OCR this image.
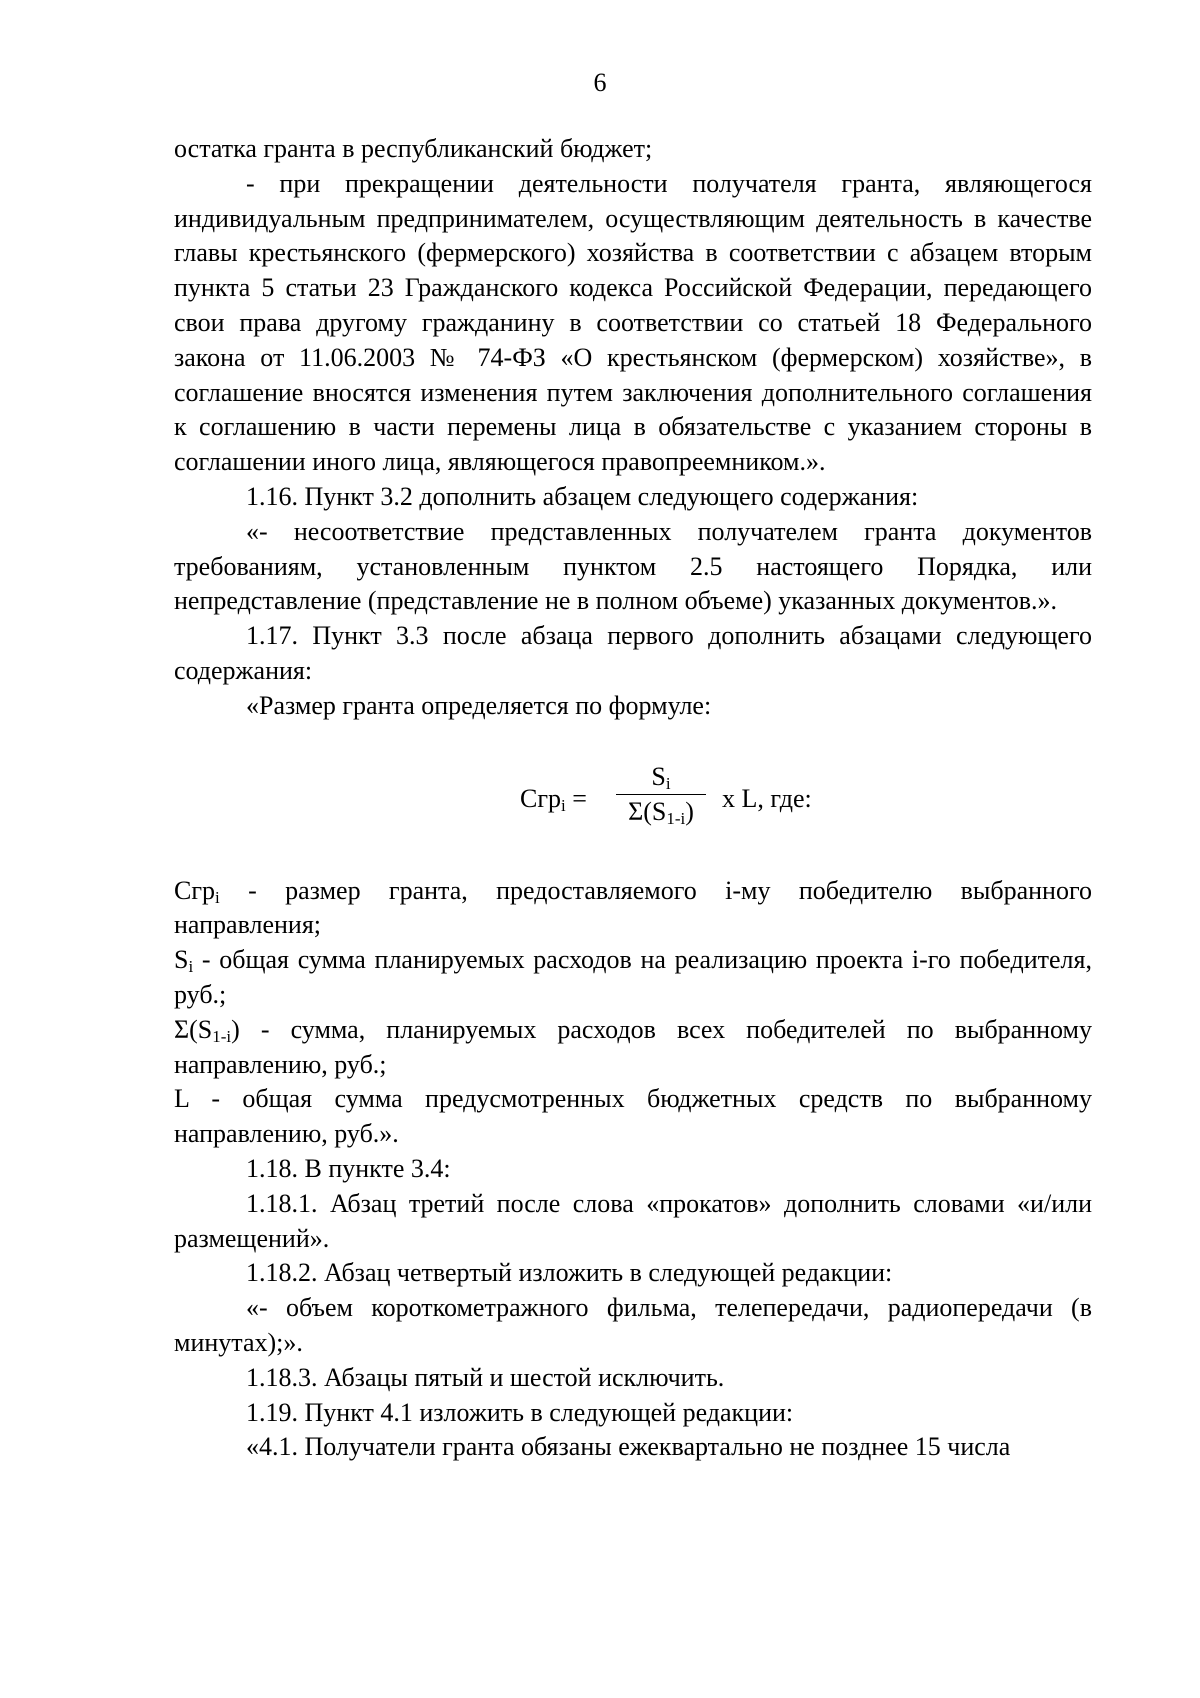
6

остатка гранта в республиканский бюджет;

- при прекращении деятельности получателя гранта, являющегося индивидуальным предпринимателем, осуществляющим деятельность в качестве главы крестьянского (фермерского) хозяйства в соответствии с абзацем вторым пункта 5 статьи 23 Гражданского кодекса Российской Федерации, передающего свои права другому гражданину в соответствии со статьей 18 Федерального закона от 11.06.2003 № 74-ФЗ «О крестьянском (фермерском) хозяйстве», в соглашение вносятся изменения путем заключения дополнительного соглашения к соглашению в части перемены лица в обязательстве с указанием стороны в соглашении иного лица, являющегося правопреемником.».

1.16. Пункт 3.2 дополнить абзацем следующего содержания:

«- несоответствие представленных получателем гранта документов требованиям, установленным пунктом 2.5 настоящего Порядка, или непредставление (представление не в полном объеме) указанных документов.».

1.17. Пункт 3.3 после абзаца первого дополнить абзацами следующего содержания:

«Размер гранта определяется по формуле:

Сгр$_i$ =
$S_i$
$\Sigma(S_{1-i})$	x L, где:

Сгр$_i$ - размер гранта, предоставляемого i-му победителю выбранного направления;

$S_i$ - общая сумма планируемых расходов на реализацию проекта i-го победителя, руб.;

$\Sigma(S_{1-i})$ - сумма, планируемых расходов всех победителей по выбранному направлению, руб.;

L - общая сумма предусмотренных бюджетных средств по выбранному направлению, руб.».

1.18. В пункте 3.4:

1.18.1. Абзац третий после слова «прокатов» дополнить словами «и/или размещений».

1.18.2. Абзац четвертый изложить в следующей редакции:

«- объем короткометражного фильма, телепередачи, радиопередачи (в минутах);».

1.18.3. Абзацы пятый и шестой исключить.

1.19. Пункт 4.1 изложить в следующей редакции:

«4.1. Получатели гранта обязаны ежеквартально не позднее 15 числа
